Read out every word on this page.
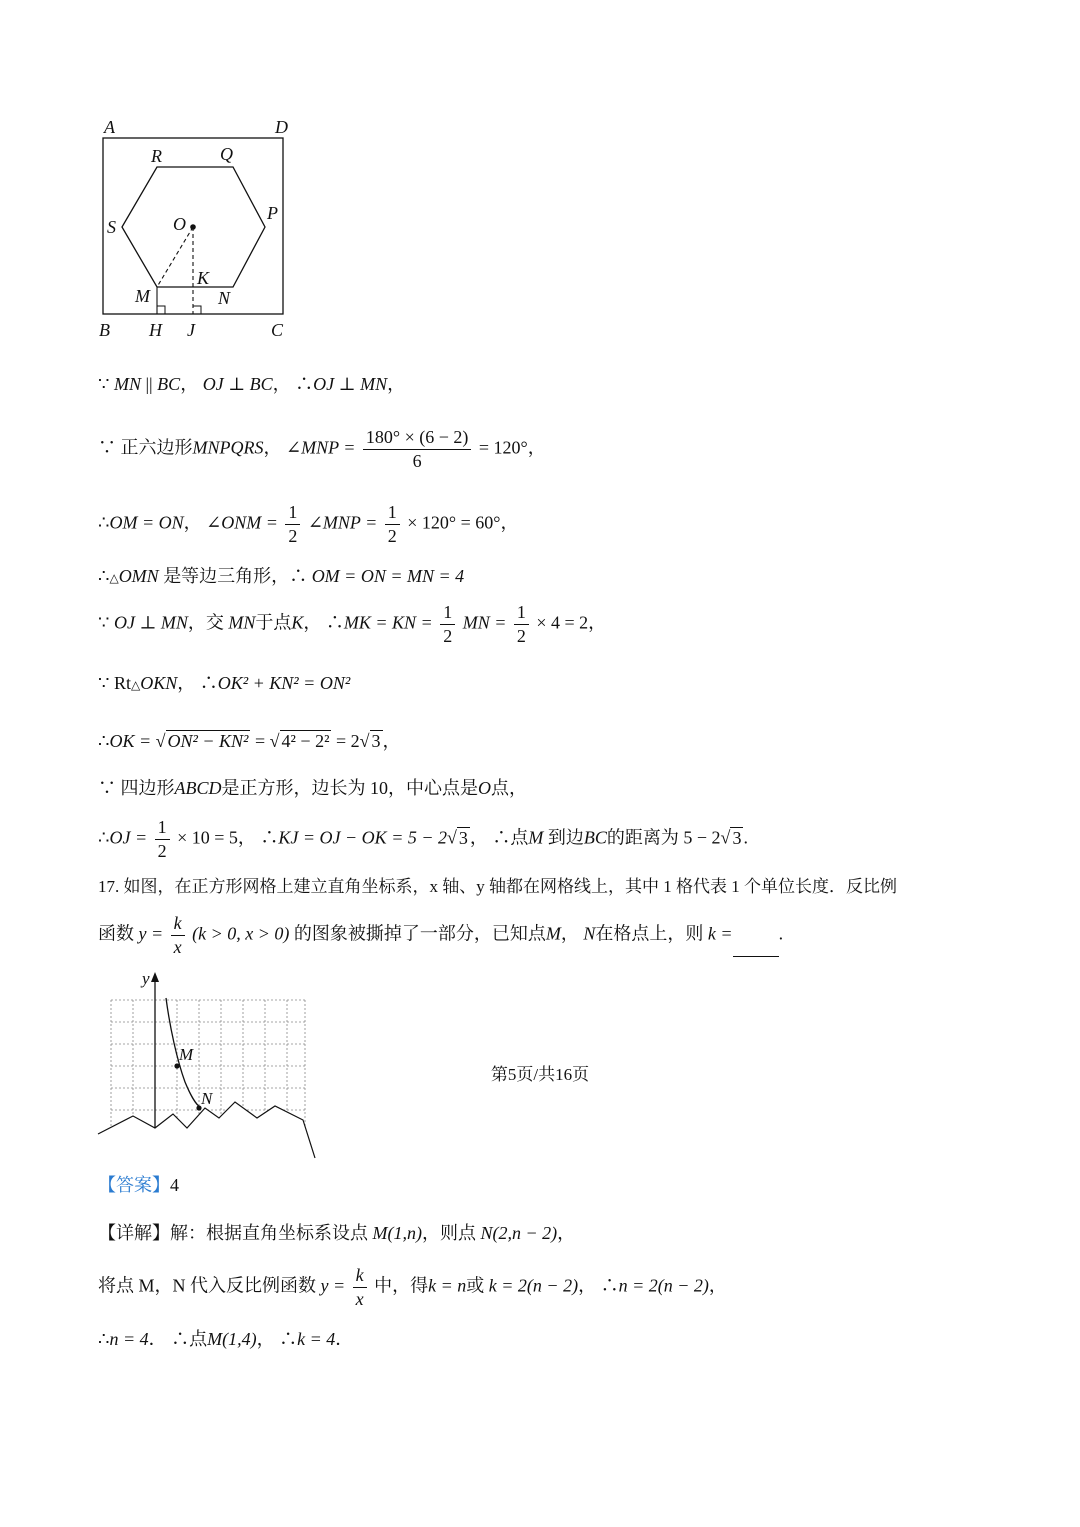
A	D
R	Q
S
P
O
K
M	N
B H J	C
∵ MN || BC， OJ ⊥ BC， ∴OJ ⊥ MN，
∵ 正六边形MNPQRS， ∠MNP = $\frac{180^\circ \times (6 - 2)}{6} = 120^\circ$，
∴OM = ON， ∠ONM = $\frac{1}{2}$ ∠MNP = $\frac{1}{2} \times 120^\circ = 60^\circ$，
∴△OMN 是等边三角形，∴ OM = ON = MN = 4
∵ OJ ⊥ MN，交 MN于点K， ∴MK = KN = $\frac{1}{2}$ MN = $\frac{1}{2} \times 4 = 2$，
∵ Rt△OKN， ∴OK² + KN² = ON²
∴OK = √ ON² − KN² = √ 4² − 2² = 2√ 3 ，
∵ 四边形ABCD是正方形，边长为 10，中心点是O点，
∴OJ = $\frac{1}{2} \times 10 = 5$， ∴KJ = OJ − OK = 5 − 2√ 3 ， ∴点M 到边BC的距离为 5 − 2√ 3 .
17. 如图，在正方形网格上建立直角坐标系，x 轴、y 轴都在网格线上，其中 1 格代表 1 个单位长度．反比例
函数 $y = \frac{k}{x} (k > 0$, x > 0) 的图象被撕掉了一部分，已知点M， N在格点上，则 k =	.
y
M
N
【答案】4
【详解】解：根据直角坐标系设点 M(1,n)，则点 N(2,n − 2)，
将点 M，N 代入反比例函数 $y = \frac{k}{x}$ 中，得k = n或 k = 2(n − 2)， ∴n = 2(n − 2)，
∴n = 4． ∴点M(1,4)， ∴k = 4．
第5页/共16页
